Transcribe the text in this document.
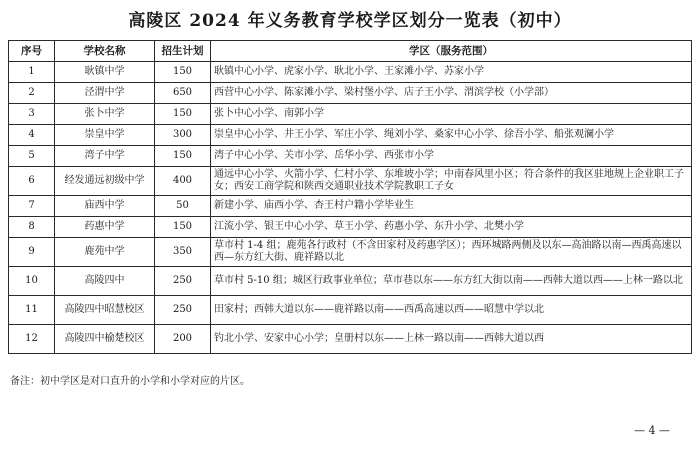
高陵区 2024 年义务教育学校学区划分一览表（初中）
序号	学校名称	招生计划	学区（服务范围）
1	耿镇中学	150	耿镇中心小学、虎家小学、耿北小学、王家滩小学、苏家小学
2	泾渭中学	650	西营中心小学、陈家滩小学、梁村堡小学、店子王小学、渭滨学校（小学部）
3	张卜中学	150	张卜中心小学、南郭小学
4	崇皇中学	300	崇皇中心小学、井王小学、军庄小学、绳刘小学、桑家中心小学、徐吾小学、船张观澜小学
5	湾子中学	150	湾子中心小学、关市小学、岳华小学、西张市小学
6	经发通远初级中学	400	通远中心小学、火箭小学、仁村小学、东堆坡小学；中南春风里小区；符合条件的我区驻地规上企业职工子女；西安工商学院和陕西交通职业技术学院教职工子女
7	庙西中学	50	新建小学、庙西小学、杏王村户籍小学毕业生
8	药惠中学	150	江流小学、银王中心小学、草王小学、药惠小学、东升小学、北樊小学
9	鹿苑中学	350	草市村 1-4 组；鹿苑各行政村（不含田家村及药惠学区）；西环城路两侧及以东—高油路以南—西禹高速以西—东方红大街、鹿祥路以北
10	高陵四中	250	草市村 5-10 组；城区行政事业单位；草市巷以东——东方红大街以南——西韩大道以西——上林一路以北
11	高陵四中昭慧校区	250	田家村；西韩大道以东——鹿祥路以南——西禹高速以西——昭慧中学以北
12	高陵四中榆楚校区	200	钓北小学、安家中心小学；皇册村以东——上林一路以南——西韩大道以西
备注：初中学区是对口直升的小学和小学对应的片区。
— 4 —
